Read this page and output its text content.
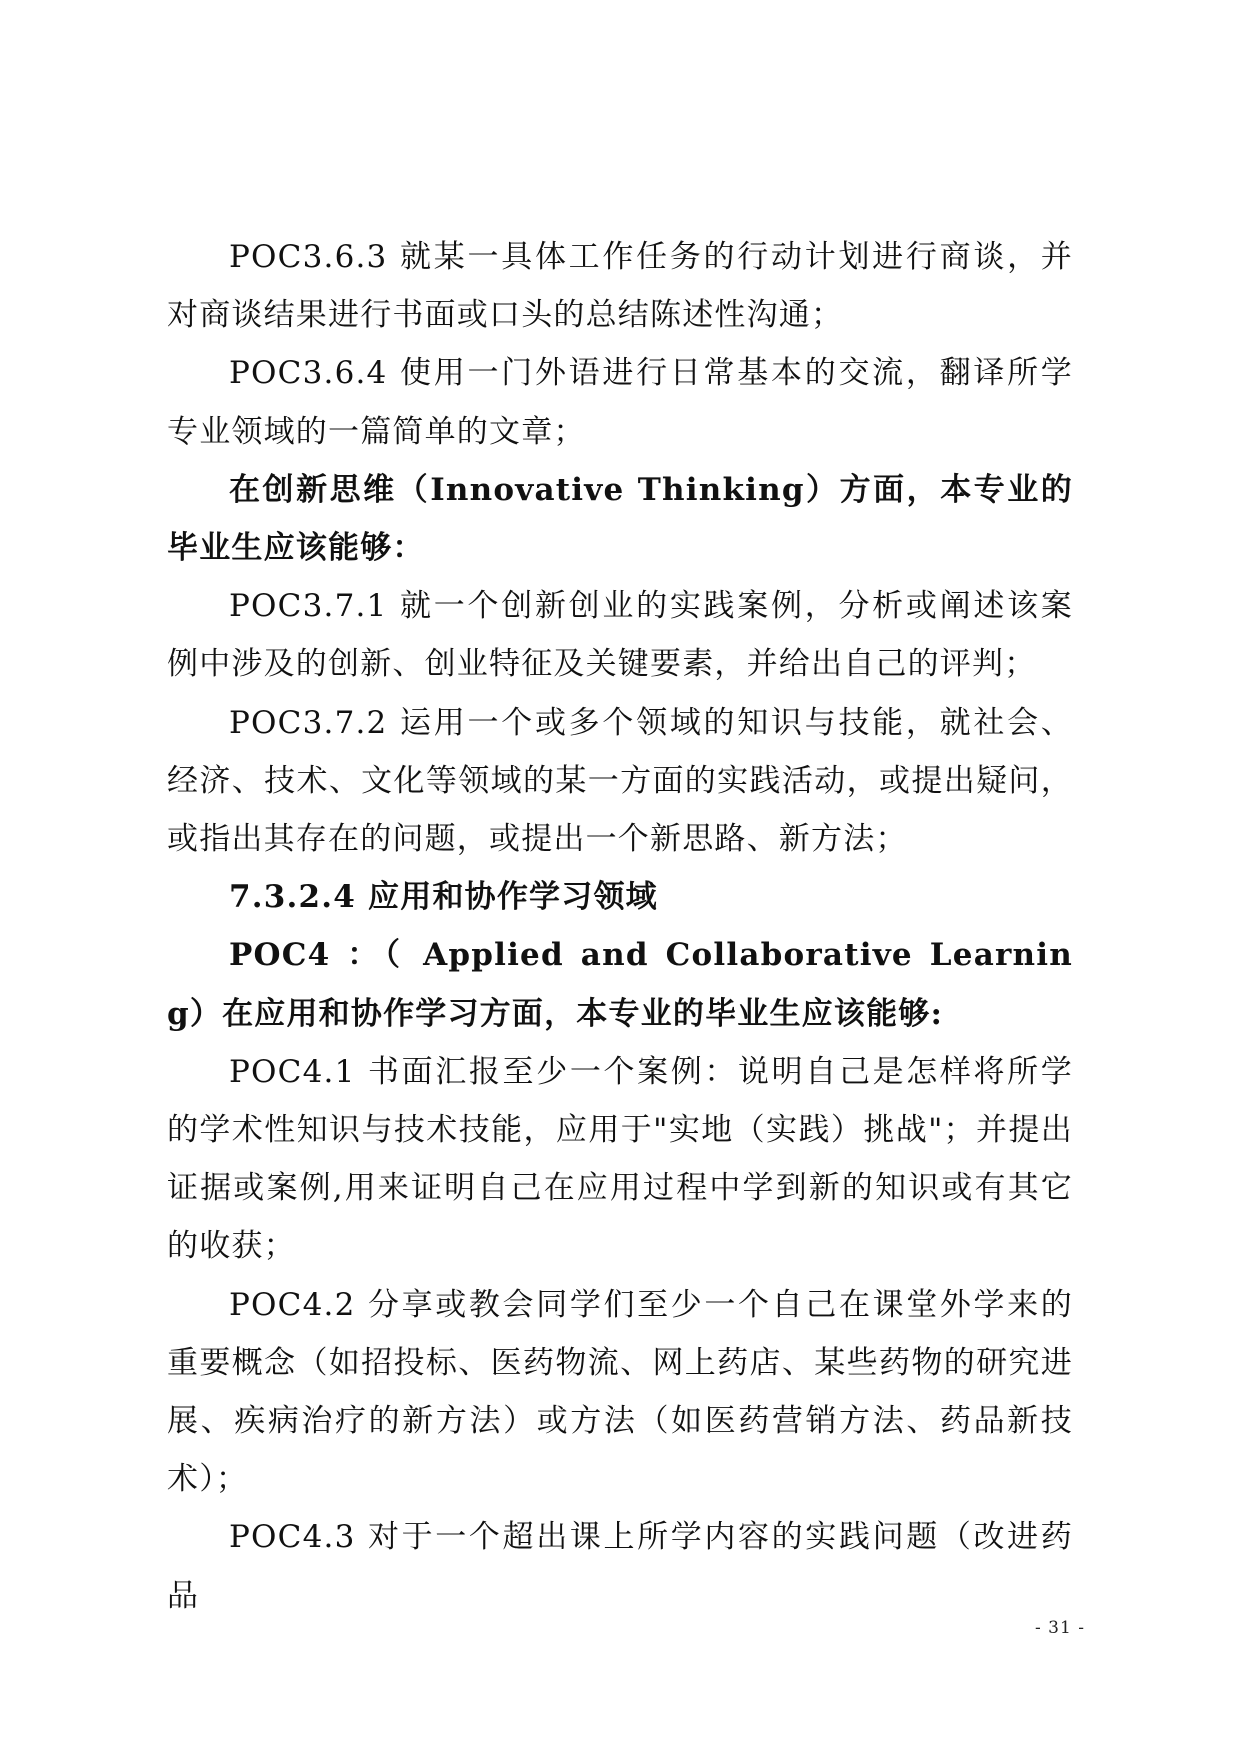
POC3.6.3 就某一具体工作任务的行动计划进行商谈，并对商谈结果进行书面或口头的总结陈述性沟通；

POC3.6.4 使用一门外语进行日常基本的交流，翻译所学专业领域的一篇简单的文章；

在创新思维（Innovative Thinking）方面，本专业的毕业生应该能够：

POC3.7.1 就一个创新创业的实践案例，分析或阐述该案例中涉及的创新、创业特征及关键要素，并给出自己的评判；

POC3.7.2 运用一个或多个领域的知识与技能，就社会、经济、技术、文化等领域的某一方面的实践活动，或提出疑问，或指出其存在的问题，或提出一个新思路、新方法；

7.3.2.4 应用和协作学习领域

POC4 ：（ Applied and Collaborative Learning）在应用和协作学习方面，本专业的毕业生应该能够:

POC4.1 书面汇报至少一个案例：说明自己是怎样将所学的学术性知识与技术技能，应用于"实地（实践）挑战"；并提出证据或案例,用来证明自己在应用过程中学到新的知识或有其它的收获；

POC4.2 分享或教会同学们至少一个自己在课堂外学来的重要概念（如招投标、医药物流、网上药店、某些药物的研究进展、疾病治疗的新方法）或方法（如医药营销方法、药品新技术）；

POC4.3 对于一个超出课上所学内容的实践问题（改进药品

- 31 -
